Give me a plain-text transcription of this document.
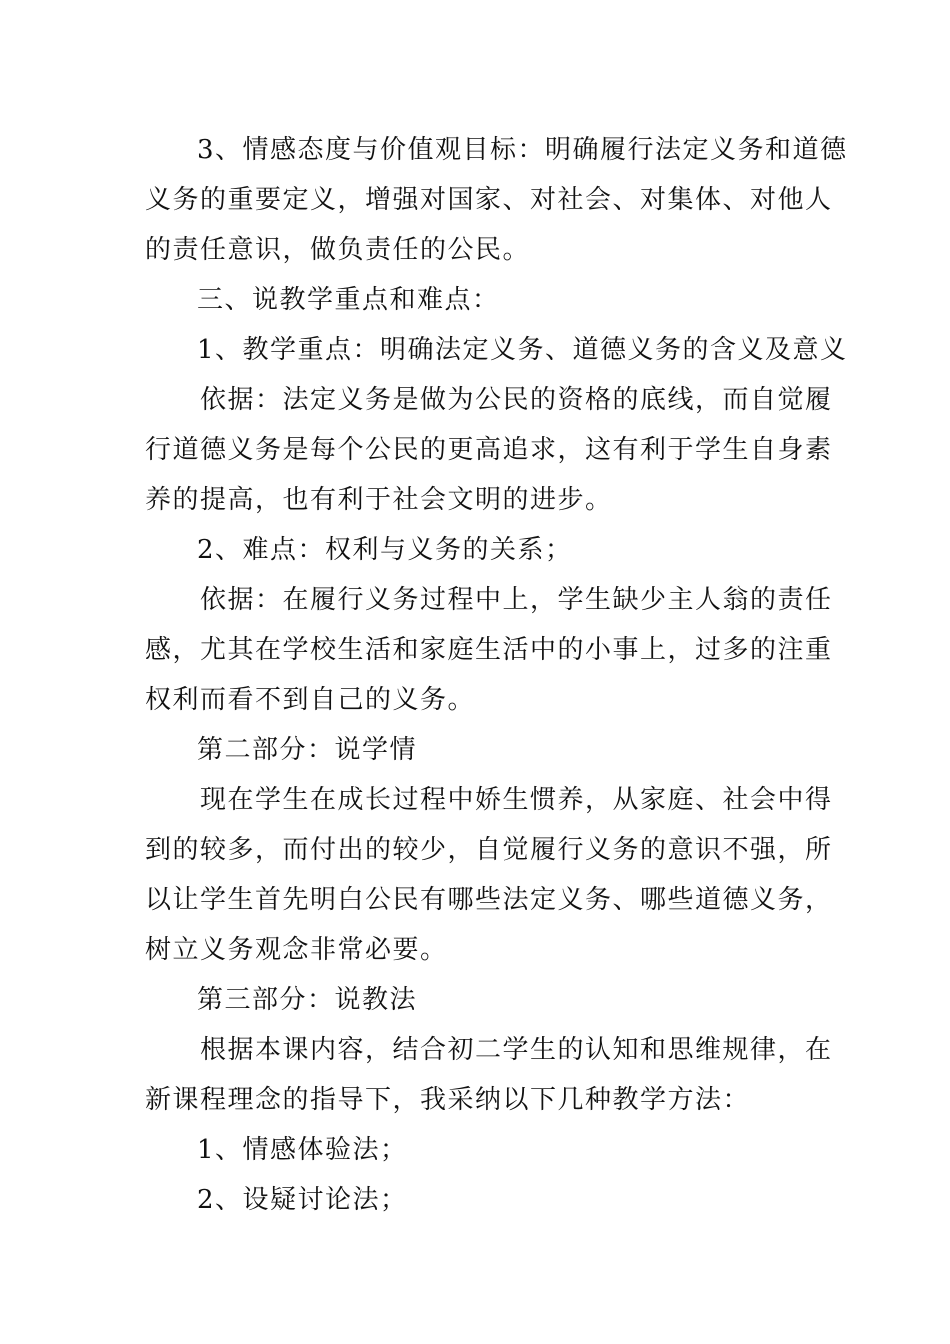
3、情感态度与价值观目标：明确履行法定义务和道德
义务的重要定义，增强对国家、对社会、对集体、对他人
的责任意识，做负责任的公民。
三、说教学重点和难点：
1、教学重点：明确法定义务、道德义务的含义及意义
依据：法定义务是做为公民的资格的底线，而自觉履
行道德义务是每个公民的更高追求，这有利于学生自身素
养的提高，也有利于社会文明的进步。
2、难点：权利与义务的关系；
依据：在履行义务过程中上，学生缺少主人翁的责任
感，尤其在学校生活和家庭生活中的小事上，过多的注重
权利而看不到自己的义务。
第二部分：说学情
现在学生在成长过程中娇生惯养，从家庭、社会中得
到的较多，而付出的较少，自觉履行义务的意识不强，所
以让学生首先明白公民有哪些法定义务、哪些道德义务，
树立义务观念非常必要。
第三部分：说教法
根据本课内容，结合初二学生的认知和思维规律，在
新课程理念的指导下，我采纳以下几种教学方法：
1、情感体验法；
2、设疑讨论法；
